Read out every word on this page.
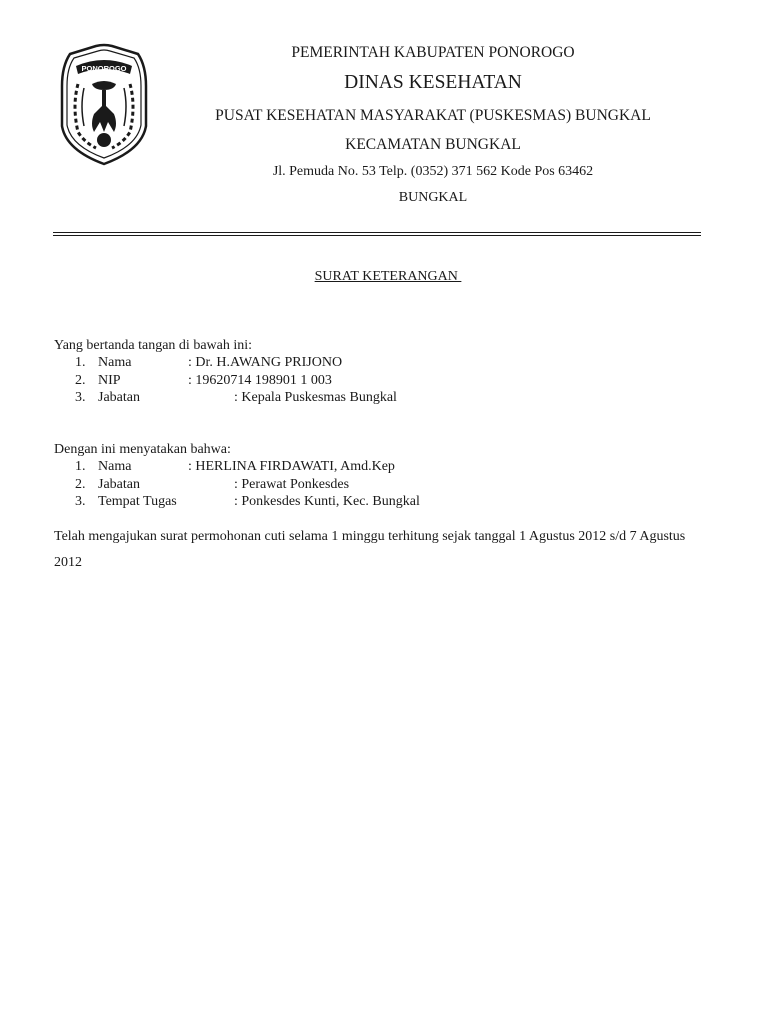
PONOROGO
PEMERINTAH KABUPATEN PONOROGO
DINAS KESEHATAN
PUSAT KESEHATAN MASYARAKAT (PUSKESMAS) BUNGKAL
KECAMATAN BUNGKAL
Jl. Pemuda No. 53 Telp. (0352) 371 562 Kode Pos 63462
BUNGKAL
SURAT KETERANGAN
Yang bertanda tangan di bawah ini:
1. Nama	: Dr. H.AWANG PRIJONO
2. NIP	: 19620714 198901 1 003
3. Jabatan	: Kepala Puskesmas Bungkal
Dengan ini menyatakan bahwa:
1. Nama	: HERLINA FIRDAWATI, Amd.Kep
2. Jabatan	: Perawat Ponkesdes
3. Tempat Tugas	: Ponkesdes Kunti, Kec. Bungkal
Telah mengajukan surat permohonan cuti selama 1 minggu terhitung sejak tanggal 1 Agustus 2012 s/d 7 Agustus 2012
